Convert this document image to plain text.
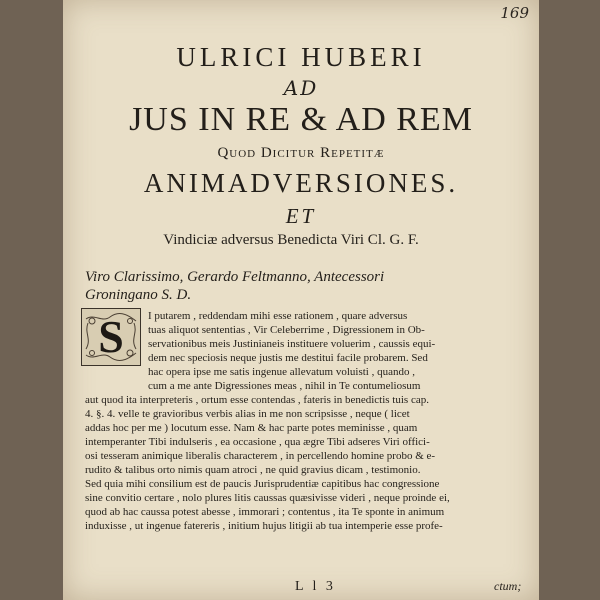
169
ULRICI HUBERI
AD
JUS IN RE & AD REM
Quod Dicitur Repetitæ
ANIMADVERSIONES.
ET
Vindiciæ adversus Benedicta Viri Cl. G. F.
Viro Clarissimo, Gerardo Feltmanno, Antecessori
Groningano S. D.
S	I putarem , reddendam mihi esse rationem , quare adversus
tuas aliquot sententias , Vir Celeberrime , Digressionem in Ob-
servationibus meis Justinianeis instituere voluerim , caussis equi-
dem nec speciosis neque justis me destitui facile probarem. Sed
hac opera ipse me satis ingenue allevatum voluisti , quando ,
cum a me ante Digressiones meas , nihil in Te contumeliosum
aut quod ita interpreteris , ortum esse contendas , fateris in benedictis tuis cap.
4. §. 4. velle te gravioribus verbis alias in me non scripsisse , neque ( licet
addas hoc per me ) locutum esse. Nam & hac parte potes meminisse , quam
intemperanter Tibi indulseris , ea occasione , qua ægre Tibi adseres Viri offici-
osi tesseram animique liberalis characterem , in percellendo homine probo & e-
rudito & talibus orto nimis quam atroci , ne quid gravius dicam , testimonio.
Sed quia mihi consilium est de paucis Jurisprudentiæ capitibus hac congressione
sine convitio certare , nolo plures litis caussas quæsivisse videri , neque proinde ei,
quod ab hac caussa potest abesse , immorari ; contentus , ita Te sponte in animum
induxisse , ut ingenue fatereris , initium hujus litigii ab tua intemperie esse profe-
L l 3	ctum;
